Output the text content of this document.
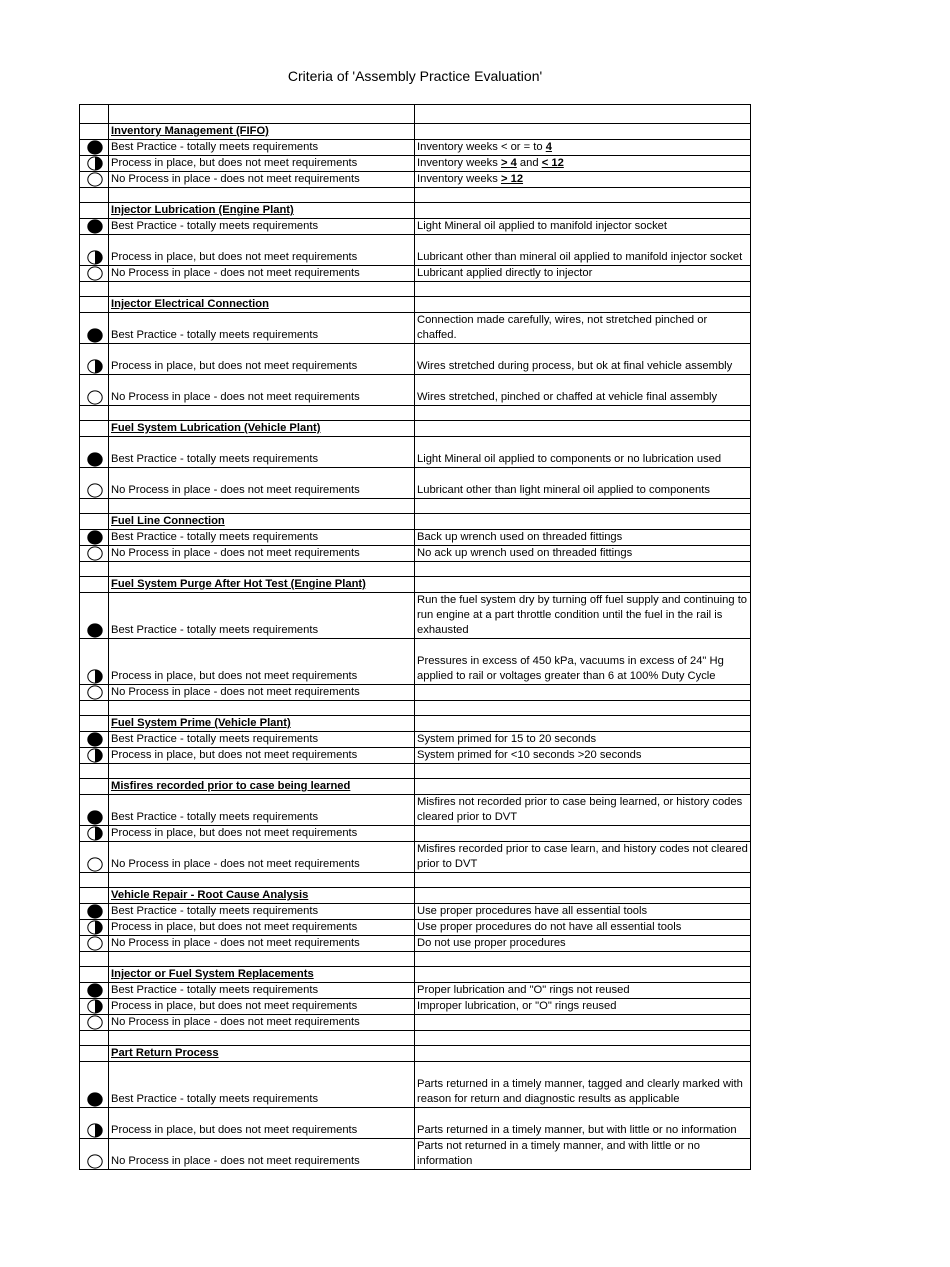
Criteria of 'Assembly Practice Evaluation'

	Inventory Management (FIFO)	

	Best Practice - totally meets requirements	Inventory weeks < or = to 4

	Process in place, but does not meet requirements	Inventory weeks > 4 and < 12

	No Process in place - does not meet requirements	Inventory weeks > 12

	Injector Lubrication (Engine Plant)	

	Best Practice - totally meets requirements	Light Mineral oil applied to manifold injector socket

	Process in place, but does not meet requirements	Lubricant other than mineral oil applied to manifold injector socket

	No Process in place - does not meet requirements	Lubricant applied directly to injector

	Injector Electrical Connection	

	Best Practice - totally meets requirements	Connection made carefully, wires, not stretched pinched or chaffed.

	Process in place, but does not meet requirements	Wires stretched during process, but ok at final vehicle assembly

	No Process in place - does not meet requirements	Wires stretched, pinched or chaffed at vehicle final assembly

	Fuel System Lubrication (Vehicle Plant)	

	Best Practice - totally meets requirements	Light Mineral oil applied to components or no lubrication used

	No Process in place - does not meet requirements	Lubricant other than light mineral oil applied to components

	Fuel Line Connection	

	Best Practice - totally meets requirements	Back up wrench used on threaded fittings

	No Process in place - does not meet requirements	No ack up wrench used on threaded fittings

	Fuel System Purge After Hot Test (Engine Plant)	

	Best Practice - totally meets requirements	Run the fuel system dry by turning off fuel supply and continuing to run engine at a part throttle condition until the fuel in the rail is exhausted

	Process in place, but does not meet requirements	Pressures in excess of 450 kPa, vacuums in excess of 24" Hg applied to rail or voltages greater than 6 at 100% Duty Cycle

	No Process in place - does not meet requirements	

	Fuel System Prime (Vehicle Plant)	

	Best Practice - totally meets requirements	System primed for 15 to 20 seconds

	Process in place, but does not meet requirements	System primed for <10 seconds >20 seconds

	Misfires recorded prior to case being learned	

	Best Practice - totally meets requirements	Misfires not recorded prior to case being learned, or history codes cleared prior to DVT

	Process in place, but does not meet requirements	

	No Process in place - does not meet requirements	Misfires recorded prior to case learn, and history codes not cleared prior to DVT

	Vehicle Repair - Root Cause Analysis	

	Best Practice - totally meets requirements	Use proper procedures have all essential tools

	Process in place, but does not meet requirements	Use proper procedures do not have all essential tools

	No Process in place - does not meet requirements	Do not use proper procedures

	Injector or Fuel System Replacements	

	Best Practice - totally meets requirements	Proper lubrication and "O" rings not reused

	Process in place, but does not meet requirements	Improper lubrication, or "O" rings reused

	No Process in place - does not meet requirements	

	Part Return Process	

	Best Practice - totally meets requirements	Parts returned in a timely manner, tagged and clearly marked with reason for return and diagnostic results as applicable

	Process in place, but does not meet requirements	Parts returned in a timely manner, but with little or no information

	No Process in place - does not meet requirements	Parts not returned in a timely manner, and with little or no information
